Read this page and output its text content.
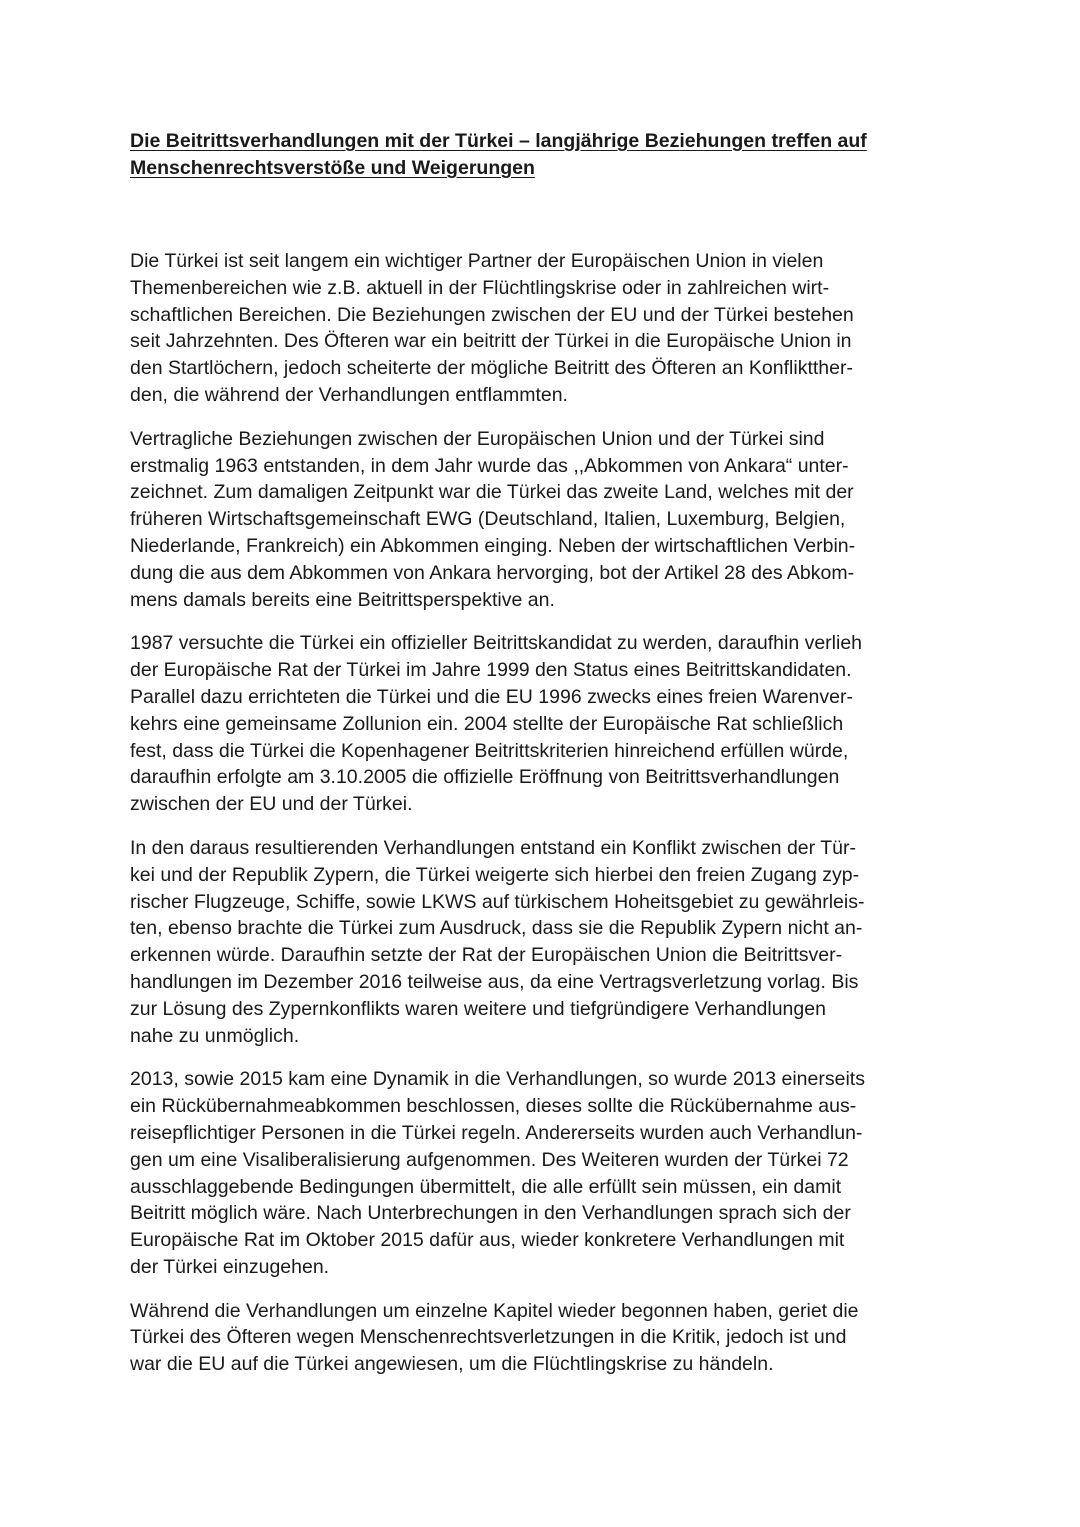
Die Beitrittsverhandlungen mit der Türkei – langjährige Beziehungen treffen auf
Menschenrechtsverstöße und Weigerungen

Die Türkei ist seit langem ein wichtiger Partner der Europäischen Union in vielen
Themenbereichen wie z.B. aktuell in der Flüchtlingskrise oder in zahlreichen wirt-
schaftlichen Bereichen. Die Beziehungen zwischen der EU und der Türkei bestehen
seit Jahrzehnten. Des Öfteren war ein beitritt der Türkei in die Europäische Union in
den Startlöchern, jedoch scheiterte der mögliche Beitritt des Öfteren an Konfliktther-
den, die während der Verhandlungen entflammten.

Vertragliche Beziehungen zwischen der Europäischen Union und der Türkei sind
erstmalig 1963 entstanden, in dem Jahr wurde das ,,Abkommen von Ankara“ unter-
zeichnet. Zum damaligen Zeitpunkt war die Türkei das zweite Land, welches mit der
früheren Wirtschaftsgemeinschaft EWG (Deutschland, Italien, Luxemburg, Belgien,
Niederlande, Frankreich) ein Abkommen einging. Neben der wirtschaftlichen Verbin-
dung die aus dem Abkommen von Ankara hervorging, bot der Artikel 28 des Abkom-
mens damals bereits eine Beitrittsperspektive an.

1987 versuchte die Türkei ein offizieller Beitrittskandidat zu werden, daraufhin verlieh
der Europäische Rat der Türkei im Jahre 1999 den Status eines Beitrittskandidaten.
Parallel dazu errichteten die Türkei und die EU 1996 zwecks eines freien Warenver-
kehrs eine gemeinsame Zollunion ein. 2004 stellte der Europäische Rat schließlich
fest, dass die Türkei die Kopenhagener Beitrittskriterien hinreichend erfüllen würde,
daraufhin erfolgte am 3.10.2005 die offizielle Eröffnung von Beitrittsverhandlungen
zwischen der EU und der Türkei.

In den daraus resultierenden Verhandlungen entstand ein Konflikt zwischen der Tür-
kei und der Republik Zypern, die Türkei weigerte sich hierbei den freien Zugang zyp-
rischer Flugzeuge, Schiffe, sowie LKWS auf türkischem Hoheitsgebiet zu gewährleis-
ten, ebenso brachte die Türkei zum Ausdruck, dass sie die Republik Zypern nicht an-
erkennen würde. Daraufhin setzte der Rat der Europäischen Union die Beitrittsver-
handlungen im Dezember 2016 teilweise aus, da eine Vertragsverletzung vorlag. Bis
zur Lösung des Zypernkonflikts waren weitere und tiefgründigere Verhandlungen
nahe zu unmöglich.

2013, sowie 2015 kam eine Dynamik in die Verhandlungen, so wurde 2013 einerseits
ein Rückübernahmeabkommen beschlossen, dieses sollte die Rückübernahme aus-
reisepflichtiger Personen in die Türkei regeln. Andererseits wurden auch Verhandlun-
gen um eine Visaliberalisierung aufgenommen. Des Weiteren wurden der Türkei 72
ausschlaggebende Bedingungen übermittelt, die alle erfüllt sein müssen, ein damit
Beitritt möglich wäre. Nach Unterbrechungen in den Verhandlungen sprach sich der
Europäische Rat im Oktober 2015 dafür aus, wieder konkretere Verhandlungen mit
der Türkei einzugehen.

Während die Verhandlungen um einzelne Kapitel wieder begonnen haben, geriet die
Türkei des Öfteren wegen Menschenrechtsverletzungen in die Kritik, jedoch ist und
war die EU auf die Türkei angewiesen, um die Flüchtlingskrise zu händeln.
